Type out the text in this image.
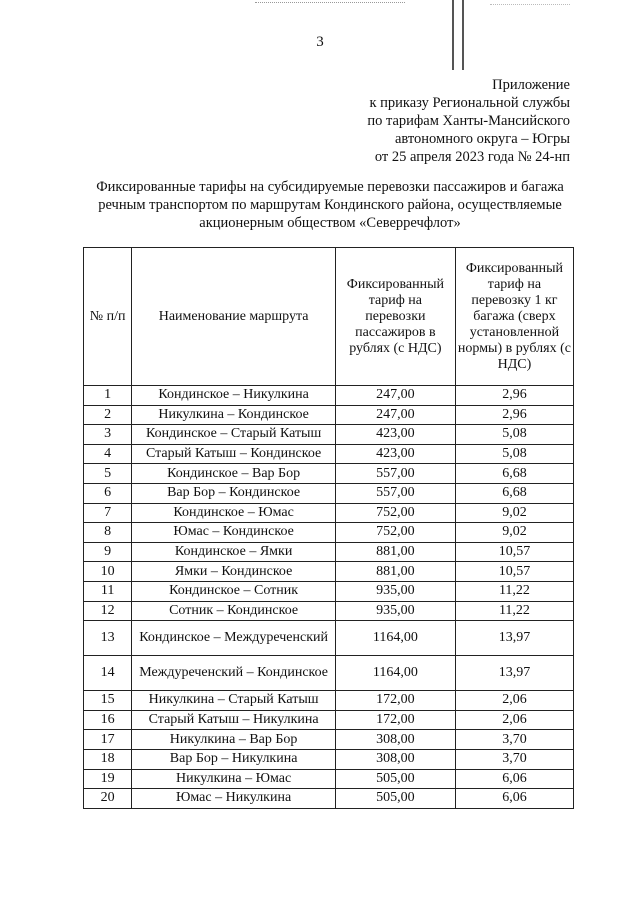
3
Приложение
к приказу Региональной службы
по тарифам Ханты-Мансийского
автономного округа – Югры
от 25 апреля 2023 года № 24-нп
Фиксированные тарифы на субсидируемые перевозки пассажиров и багажа
речным транспортом по маршрутам Кондинского района, осуществляемые
акционерным обществом «Северречфлот»
№ п/п	Наименование маршрута	Фиксированный тариф на перевозки пассажиров в рублях (с НДС)	Фиксированный тариф на перевозку 1 кг багажа (сверх установленной нормы) в рублях (с НДС)
1	Кондинское – Никулкина	247,00	2,96
2	Никулкина – Кондинское	247,00	2,96
3	Кондинское – Старый Катыш	423,00	5,08
4	Старый Катыш – Кондинское	423,00	5,08
5	Кондинское – Вар Бор	557,00	6,68
6	Вар Бор – Кондинское	557,00	6,68
7	Кондинское – Юмас	752,00	9,02
8	Юмас – Кондинское	752,00	9,02
9	Кондинское – Ямки	881,00	10,57
10	Ямки – Кондинское	881,00	10,57
11	Кондинское – Сотник	935,00	11,22
12	Сотник – Кондинское	935,00	11,22
13	Кондинское – Междуреченский	1164,00	13,97
14	Междуреченский – Кондинское	1164,00	13,97
15	Никулкина – Старый Катыш	172,00	2,06
16	Старый Катыш – Никулкина	172,00	2,06
17	Никулкина – Вар Бор	308,00	3,70
18	Вар Бор – Никулкина	308,00	3,70
19	Никулкина – Юмас	505,00	6,06
20	Юмас – Никулкина	505,00	6,06
